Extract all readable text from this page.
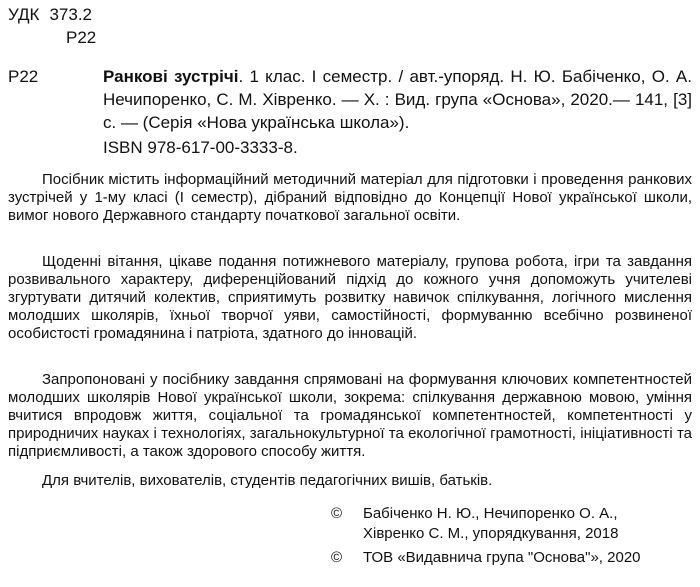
УДК 373.2
Р22
Р22	Ранкові зустрічі. 1 клас. I семестр. / авт.-упоряд. Н. Ю. Бабіченко, О. А. Нечипоренко, С. М. Хівренко. — Х. : Вид. група «Основа», 2020.— 141, [3] с. — (Серія «Нова українська школа»).
ISBN 978-617-00-3333-8.

Посібник містить інформаційний методичний матеріал для підготовки і проведення ранкових зустрічей у 1-му класі (I семестр), дібраний відповідно до Концепції Нової української школи, вимог нового Державного стандарту початкової загальної освіти.

Щоденні вітання, цікаве подання потижневого матеріалу, групова робота, ігри та завдання розвивального характеру, диференційований підхід до кожного учня допоможуть учителеві згуртувати дитячий колектив, сприятимуть розвитку навичок спілкування, логічного мислення молодших школярів, їхньої творчої уяви, самостійності, формуванню всебічно розвиненої особистості громадянина і патріота, здатного до інновацій.

Запропоновані у посібнику завдання спрямовані на формування ключових компетентностей молодших школярів Нової української школи, зокрема: спілкування державною мовою, уміння вчитися впродовж життя, соціальної та громадянської компетентностей, компетентності у природничих науках і технологіях, загальнокультурної та екологічної грамотності, ініціативності та підприємливості, а також здорового способу життя.

Для вчителів, вихователів, студентів педагогічних вишів, батьків.

© Бабіченко Н. Ю., Нечипоренко О. А.,
Хівренко С. М., упорядкування, 2018
© ТОВ «Видавнича група "Основа"», 2020
